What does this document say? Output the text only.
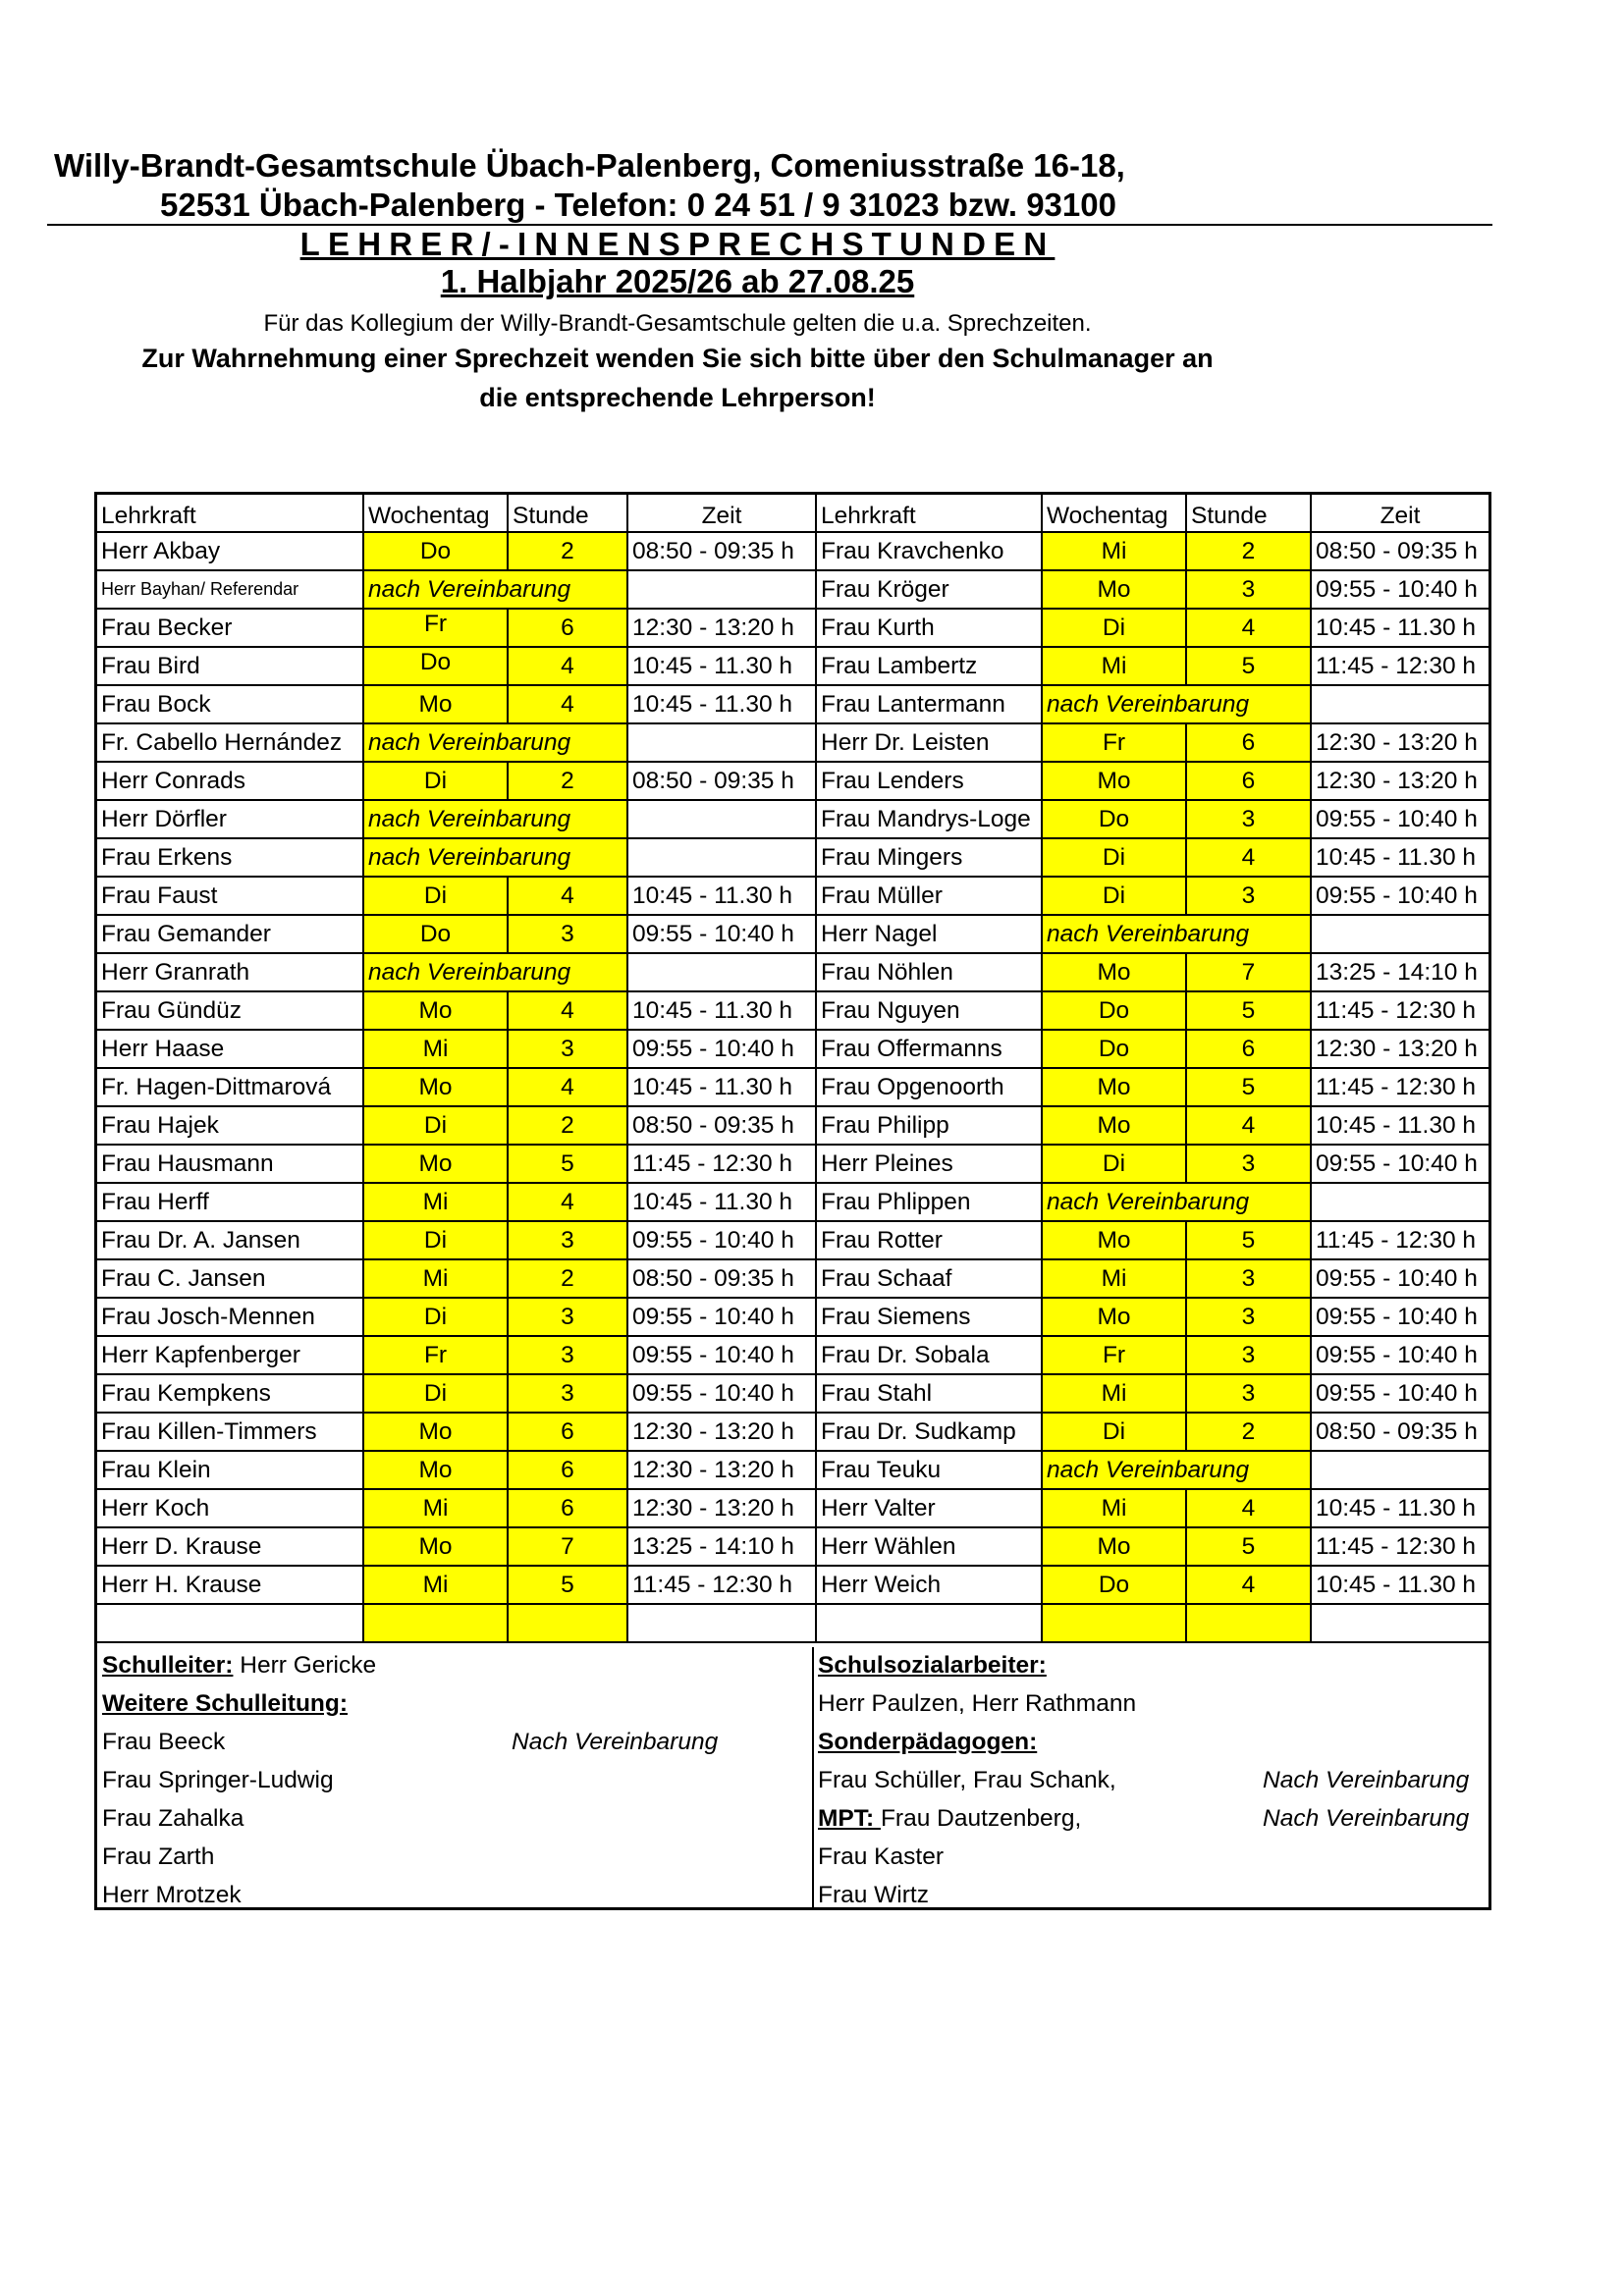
Willy-Brandt-Gesamtschule Übach-Palenberg, Comeniusstraße 16-18,
52531 Übach-Palenberg - Telefon: 0 24 51 / 9 31023 bzw. 93100
LEHRER/-INNENSPRECHSTUNDEN
1. Halbjahr 2025/26 ab 27.08.25
Für das Kollegium der Willy-Brandt-Gesamtschule gelten die u.a. Sprechzeiten.
Zur Wahrnehmung einer Sprechzeit wenden Sie sich bitte über den Schulmanager an
die entsprechende Lehrperson!
Lehrkraft	Wochentag Stunde	Zeit	Lehrkraft	Wochentag Stunde	Zeit
Herr Akbay	Do	2	08:50 - 09:35 h	Frau Kravchenko	Mi	2	08:50 - 09:35 h
Herr Bayhan/ Referendar	nach Vereinbarung	Frau Kröger	Mo	3	09:55 - 10:40 h
Frau Becker	Fr	6	12:30 - 13:20 h	Frau Kurth	Di	4	10:45 - 11.30 h
Frau Bird	Do	4	10:45 - 11.30 h	Frau Lambertz	Mi	5	11:45 - 12:30 h
Frau Bock	Mo	4	10:45 - 11.30 h	Frau Lantermann	nach Vereinbarung
Fr. Cabello Hernández	nach Vereinbarung	Herr Dr. Leisten	Fr	6	12:30 - 13:20 h
Herr Conrads	Di	2	08:50 - 09:35 h	Frau Lenders	Mo	6	12:30 - 13:20 h
Herr Dörfler	nach Vereinbarung	Frau Mandrys-Loge	Do	3	09:55 - 10:40 h
Frau Erkens	nach Vereinbarung	Frau Mingers	Di	4	10:45 - 11.30 h
Frau Faust	Di	4	10:45 - 11.30 h	Frau Müller	Di	3	09:55 - 10:40 h
Frau Gemander	Do	3	09:55 - 10:40 h	Herr Nagel	nach Vereinbarung
Herr Granrath	nach Vereinbarung	Frau Nöhlen	Mo	7	13:25 - 14:10 h
Frau Gündüz	Mo	4	10:45 - 11.30 h	Frau Nguyen	Do	5	11:45 - 12:30 h
Herr Haase	Mi	3	09:55 - 10:40 h	Frau Offermanns	Do	6	12:30 - 13:20 h
Fr. Hagen-Dittmarová	Mo	4	10:45 - 11.30 h	Frau Opgenoorth	Mo	5	11:45 - 12:30 h
Frau Hajek	Di	2	08:50 - 09:35 h	Frau Philipp	Mo	4	10:45 - 11.30 h
Frau Hausmann	Mo	5	11:45 - 12:30 h	Herr Pleines	Di	3	09:55 - 10:40 h
Frau Herff	Mi	4	10:45 - 11.30 h	Frau Phlippen	nach Vereinbarung
Frau Dr. A. Jansen	Di	3	09:55 - 10:40 h	Frau Rotter	Mo	5	11:45 - 12:30 h
Frau C. Jansen	Mi	2	08:50 - 09:35 h	Frau Schaaf	Mi	3	09:55 - 10:40 h
Frau Josch-Mennen	Di	3	09:55 - 10:40 h	Frau Siemens	Mo	3	09:55 - 10:40 h
Herr Kapfenberger	Fr	3	09:55 - 10:40 h	Frau Dr. Sobala	Fr	3	09:55 - 10:40 h
Frau Kempkens	Di	3	09:55 - 10:40 h	Frau Stahl	Mi	3	09:55 - 10:40 h
Frau Killen-Timmers	Mo	6	12:30 - 13:20 h	Frau Dr. Sudkamp	Di	2	08:50 - 09:35 h
Frau Klein	Mo	6	12:30 - 13:20 h	Frau Teuku	nach Vereinbarung
Herr Koch	Mi	6	12:30 - 13:20 h	Herr Valter	Mi	4	10:45 - 11.30 h
Herr D. Krause	Mo	7	13:25 - 14:10 h	Herr Wählen	Mo	5	11:45 - 12:30 h
Herr H. Krause	Mi	5	11:45 - 12:30 h	Herr Weich	Do	4	10:45 - 11.30 h
Schulleiter: Herr Gericke
Weitere Schulleitung:
Frau Beeck	Nach Vereinbarung
Frau Springer-Ludwig
Frau Zahalka
Frau Zarth
Herr Mrotzek
Schulsozialarbeiter:
Herr Paulzen, Herr Rathmann
Sonderpädagogen:
Frau Schüller, Frau Schank,	Nach Vereinbarung
MPT: Frau Dautzenberg,	Nach Vereinbarung
Frau Kaster
Frau Wirtz
